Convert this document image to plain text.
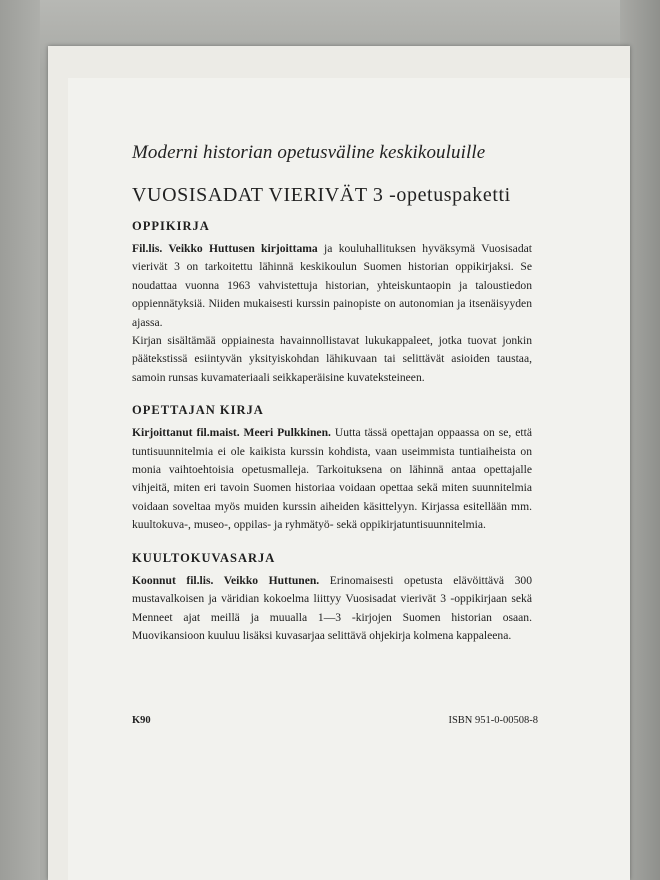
Moderni historian opetusväline keskikouluille

VUOSISADAT VIERIVÄT 3 -opetuspaketti

OPPIKIRJA

Fil.lis. Veikko Huttusen kirjoittama ja kouluhallituksen hyväksymä Vuosisadat vierivät 3 on tarkoitettu lähinnä keskikoulun Suomen historian oppikirjaksi. Se noudattaa vuonna 1963 vahvistettuja historian, yhteiskuntaopin ja taloustiedon oppiennätyksiä. Niiden mukaisesti kurssin painopiste on autonomian ja itsenäisyyden ajassa.

Kirjan sisältämää oppiainesta havainnollistavat lukukappaleet, jotka tuovat jonkin päätekstissä esiintyvän yksityiskohdan lähikuvaan tai selittävät asioiden taustaa, samoin runsas kuvamateriaali seikkaperäisine kuvateksteineen.

OPETTAJAN KIRJA

Kirjoittanut fil.maist. Meeri Pulkkinen. Uutta tässä opettajan oppaassa on se, että tuntisuunnitelmia ei ole kaikista kurssin kohdista, vaan useimmista tuntiaiheista on monia vaihtoehtoisia opetusmalleja. Tarkoituksena on lähinnä antaa opettajalle vihjeitä, miten eri tavoin Suomen historiaa voidaan opettaa sekä miten suunnitelmia voidaan soveltaa myös muiden kurssin aiheiden käsittelyyn. Kirjassa esitellään mm. kuultokuva-, museo-, oppilas- ja ryhmätyö- sekä oppikirjatuntisuunnitelmia.

KUULTOKUVASARJA

Koonnut fil.lis. Veikko Huttunen. Erinomaisesti opetusta elävöittävä 300 mustavalkoisen ja väridian kokoelma liittyy Vuosisadat vierivät 3 -oppikirjaan sekä Menneet ajat meillä ja muualla 1—3 -kirjojen Suomen historian osaan. Muovikansioon kuuluu lisäksi kuvasarjaa selittävä ohjekirja kolmena kappaleena.

K90	ISBN 951-0-00508-8
